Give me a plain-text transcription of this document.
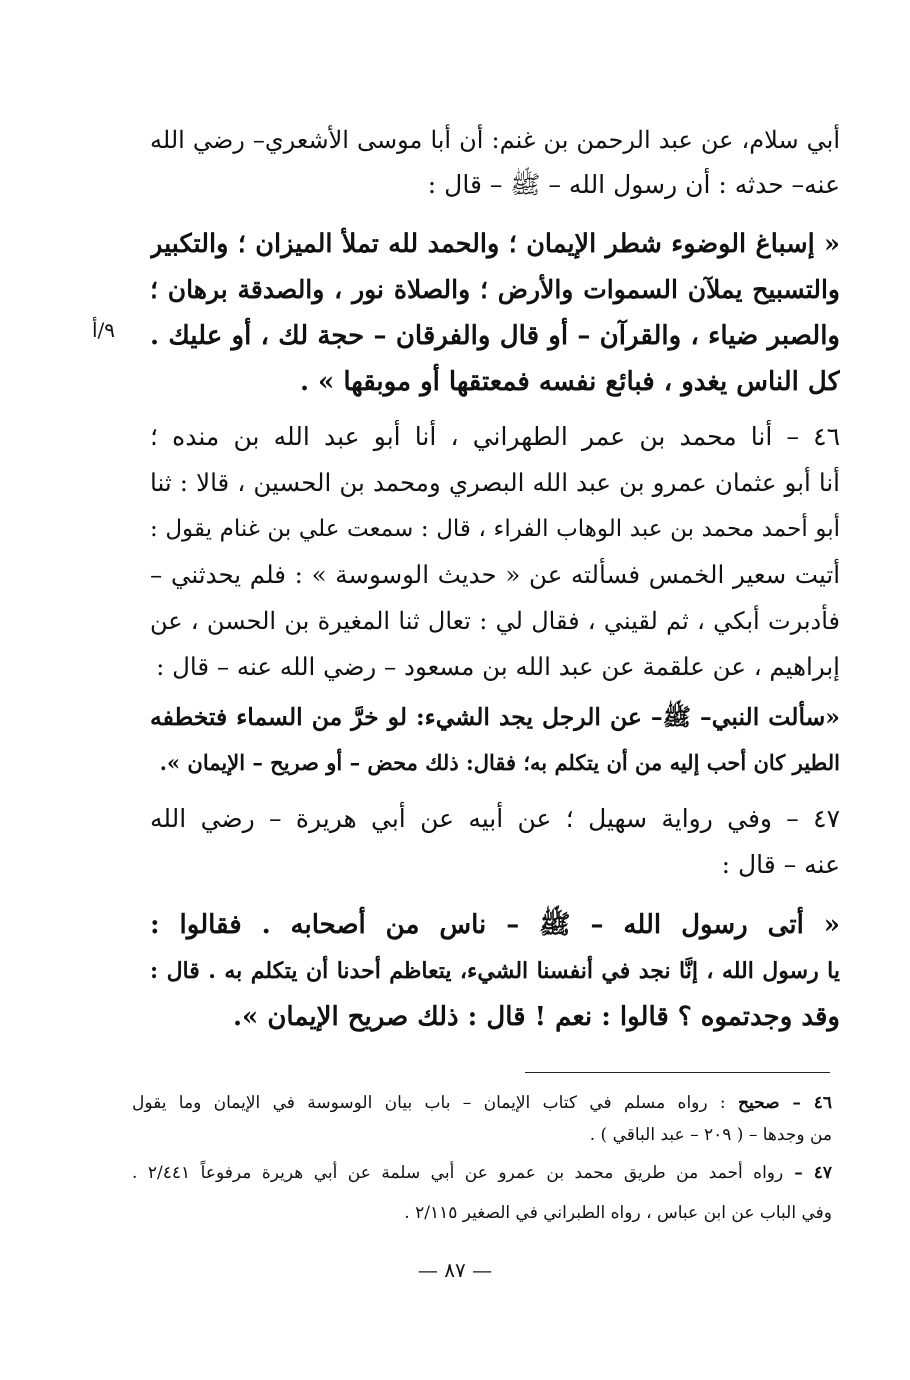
أبي سلام، عن عبد الرحمن بن غنم: أن أبا موسى الأشعري– رضي الله
عنه– حدثه : أن رسول الله – ﷺ – قال :
« إسباغ الوضوء شطر الإيمان ؛ والحمد لله تملأ الميزان ؛ والتكبير
والتسبيح يملآن السموات والأرض ؛ والصلاة نور ، والصدقة برهان ؛
والصبر ضياء ، والقرآن – أو قال والفرقان – حجة لك ، أو عليك .
كل الناس يغدو ، فبائع نفسه فمعتقها أو موبقها » .
٩/أ
٤٦ – أنا محمد بن عمر الطهراني ، أنا أبو عبد الله بن منده ؛
أنا أبو عثمان عمرو بن عبد الله البصري ومحمد بن الحسين ، قالا : ثنا
أبو أحمد محمد بن عبد الوهاب الفراء ، قال : سمعت علي بن غنام يقول :
أتيت سعير الخمس فسألته عن « حديث الوسوسة » : فلم يحدثني –
فأدبرت أبكي ، ثم لقيني ، فقال لي : تعال ثنا المغيرة بن الحسن ، عن
إبراهيم ، عن علقمة عن عبد الله بن مسعود – رضي الله عنه – قال :
«سألت النبي– ﷺ– عن الرجل يجد الشيء: لو خرَّ من السماء فتخطفه
الطير كان أحب إليه من أن يتكلم به؛ فقال: ذلك محض – أو صريح – الإيمان ».
٤٧ – وفي رواية سهيل ؛ عن أبيه عن أبي هريرة – رضي الله
عنه – قال :
« أتى رسول الله – ﷺ – ناس من أصحابه . فقالوا :
يا رسول الله ، إنَّا نجد في أنفسنا الشيء، يتعاظم أحدنا أن يتكلم به . قال :
وقد وجدتموه ؟ قالوا : نعم ! قال : ذلك صريح الإيمان ».
٤٦ – صحيح : رواه مسلم في كتاب الإيمان – باب بيان الوسوسة في الإيمان وما يقول
من وجدها – ( ٢٠٩ – عبد الباقي ) .
٤٧ – رواه أحمد من طريق محمد بن عمرو عن أبي سلمة عن أبي هريرة مرفوعاً ٢/٤٤١ .
وفي الباب عن ابن عباس ، رواه الطبراني في الصغير ٢/١١٥ .
— ٨٧ —
